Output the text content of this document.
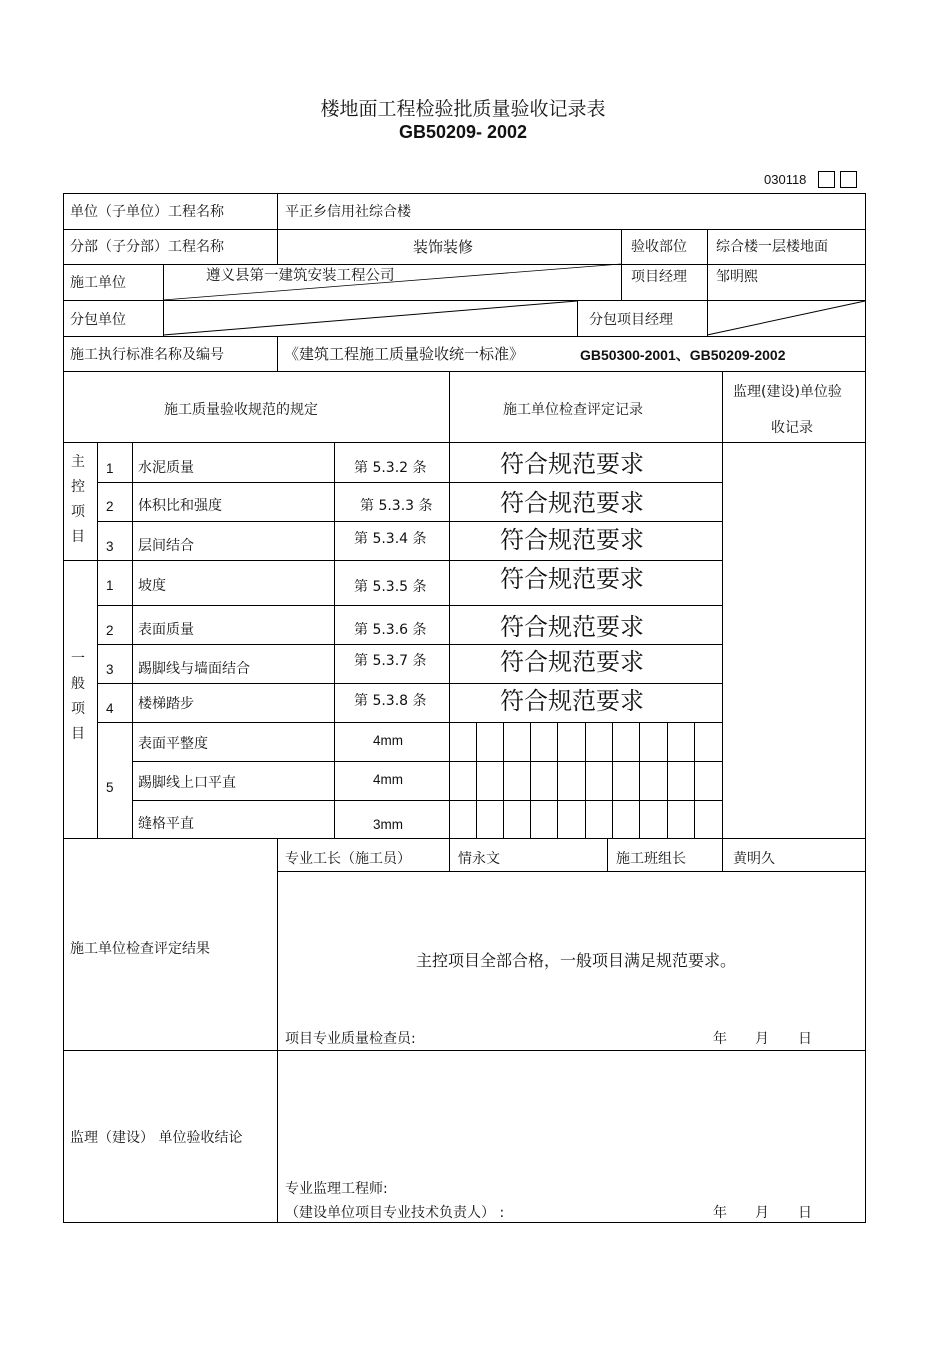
楼地面工程检验批质量验收记录表
GB50209- 2002
030118
单位（子单位）工程名称	平正乡信用社综合楼
分部（子分部）工程名称	装饰装修	验收部位 综合楼一层楼地面
施工单位	遵义县第一建筑安装工程公司	项目经理 邹明熙
分包单位	分包项目经理
施工执行标准名称及编号	《建筑工程施工质量验收统一标准》	GB50300-2001、GB50209-2002
施工质量验收规范的规定	施工单位检查评定记录
监理(建设)单位验
收记录
主
控
项
目
1 水泥质量	第 5.3.2 条	符合规范要求
2 体积比和强度	第 5.3.3 条	符合规范要求
3 层间结合	第 5.3.4 条	符合规范要求
一
般
项
目
1 坡度	第 5.3.5 条	符合规范要求
2 表面质量	第 5.3.6 条	符合规范要求
3 踢脚线与墙面结合	第 5.3.7 条	符合规范要求
4 楼梯踏步	第 5.3.8 条	符合规范要求
5
表面平整度	4mm
踢脚线上口平直	4mm
缝格平直	3mm
施工单位检查评定结果
专业工长（施工员）	情永文	施工班组长	黄明久
主控项目全部合格，一般项目满足规范要求。
项目专业质量检查员:	年 月 日
监理（建设） 单位验收结论
专业监理工程师:
（建设单位项目专业技术负责人） :	年 月 日
